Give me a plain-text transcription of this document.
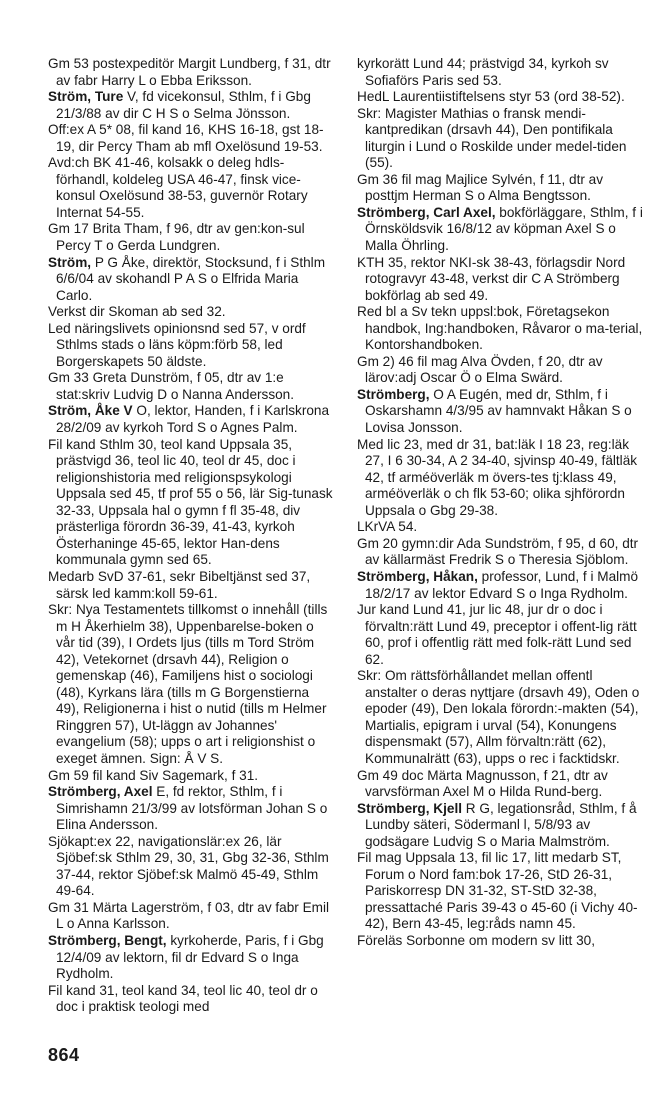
Gm 53 postexpeditör Margit Lundberg, f 31, dtr av fabr Harry L o Ebba Eriksson.

Ström, Ture V, fd vicekonsul, Sthlm, f i Gbg 21/3/88 av dir C H S o Selma Jönsson.

Off:ex A 5* 08, fil kand 16, KHS 16-18, gst 18-19, dir Percy Tham ab mfl Oxelösund 19-53.

Avd:ch BK 41-46, kolsakk o deleg hdls-förhandl, koldeleg USA 46-47, finsk vice-konsul Oxelösund 38-53, guvernör Rotary Internat 54-55.

Gm 17 Brita Tham, f 96, dtr av gen:kon-sul Percy T o Gerda Lundgren.

Ström, P G Åke, direktör, Stocksund, f i Sthlm 6/6/04 av skohandl P A S o Elfrida Maria Carlo.

Verkst dir Skoman ab sed 32.

Led näringslivets opinionsnd sed 57, v ordf Sthlms stads o läns köpm:förb 58, led Borgerskapets 50 äldste.

Gm 33 Greta Dunström, f 05, dtr av 1:e stat:skriv Ludvig D o Nanna Andersson.

Ström, Åke V O, lektor, Handen, f i Karlskrona 28/2/09 av kyrkoh Tord S o Agnes Palm.

Fil kand Sthlm 30, teol kand Uppsala 35, prästvigd 36, teol lic 40, teol dr 45, doc i religionshistoria med religionspsykologi Uppsala sed 45, tf prof 55 o 56, lär Sig-tunask 32-33, Uppsala hal o gymn f fl 35-48, div prästerliga förordn 36-39, 41-43, kyrkoh Österhaninge 45-65, lektor Han-dens kommunala gymn sed 65.

Medarb SvD 37-61, sekr Bibeltjänst sed 37, särsk led kamm:koll 59-61.

Skr: Nya Testamentets tillkomst o innehåll (tills m H Åkerhielm 38), Uppenbarelse-boken o vår tid (39), I Ordets ljus (tills m Tord Ström 42), Vetekornet (drsavh 44), Religion o gemenskap (46), Familjens hist o sociologi (48), Kyrkans lära (tills m G Borgenstierna 49), Religionerna i hist o nutid (tills m Helmer Ringgren 57), Ut-läggn av Johannes' evangelium (58); upps o art i religionshist o exeget ämnen. Sign: Å V S.

Gm 59 fil kand Siv Sagemark, f 31.

Strömberg, Axel E, fd rektor, Sthlm, f i Simrishamn 21/3/99 av lotsförman Johan S o Elina Andersson.

Sjökapt:ex 22, navigationslär:ex 26, lär Sjöbef:sk Sthlm 29, 30, 31, Gbg 32-36, Sthlm 37-44, rektor Sjöbef:sk Malmö 45-49, Sthlm 49-64.

Gm 31 Märta Lagerström, f 03, dtr av fabr Emil L o Anna Karlsson.

Strömberg, Bengt, kyrkoherde, Paris, f i Gbg 12/4/09 av lektorn, fil dr Edvard S o Inga Rydholm.

Fil kand 31, teol kand 34, teol lic 40, teol dr o doc i praktisk teologi med

kyrkorätt Lund 44; prästvigd 34, kyrkoh sv Sofiaförs Paris sed 53.

HedL Laurentiistiftelsens styr 53 (ord 38-52).

Skr: Magister Mathias o fransk mendi-kantpredikan (drsavh 44), Den pontifikala liturgin i Lund o Roskilde under medel-tiden (55).

Gm 36 fil mag Majlice Sylvén, f 11, dtr av posttjm Herman S o Alma Bengtsson.

Strömberg, Carl Axel, bokförläggare, Sthlm, f i Örnsköldsvik 16/8/12 av köpman Axel S o Malla Öhrling.

KTH 35, rektor NKI-sk 38-43, förlagsdir Nord rotogravyr 43-48, verkst dir C A Strömberg bokförlag ab sed 49.

Red bl a Sv tekn uppsl:bok, Företagsekon handbok, Ing:handboken, Råvaror o ma-terial, Kontorshandboken.

Gm 2) 46 fil mag Alva Övden, f 20, dtr av lärov:adj Oscar Ö o Elma Swärd.

Strömberg, O A Eugén, med dr, Sthlm, f i Oskarshamn 4/3/95 av hamnvakt Håkan S o Lovisa Jonsson.

Med lic 23, med dr 31, bat:läk I 18 23, reg:läk 27, I 6 30-34, A 2 34-40, sjvinsp 40-49, fältläk 42, tf arméöverläk m övers-tes tj:klass 49, arméöverläk o ch flk 53-60; olika sjhförordn Uppsala o Gbg 29-38.

LKrVA 54.

Gm 20 gymn:dir Ada Sundström, f 95, d 60, dtr av källarmäst Fredrik S o Theresia Sjöblom.

Strömberg, Håkan, professor, Lund, f i Malmö 18/2/17 av lektor Edvard S o Inga Rydholm.

Jur kand Lund 41, jur lic 48, jur dr o doc i förvaltn:rätt Lund 49, preceptor i offent-lig rätt 60, prof i offentlig rätt med folk-rätt Lund sed 62.

Skr: Om rättsförhållandet mellan offentl anstalter o deras nyttjare (drsavh 49), Oden o epoder (49), Den lokala förordn:-makten (54), Martialis, epigram i urval (54), Konungens dispensmakt (57), Allm förvaltn:rätt (62), Kommunalrätt (63), upps o rec i facktidskr.

Gm 49 doc Märta Magnusson, f 21, dtr av varvsförman Axel M o Hilda Rund-berg.

Strömberg, Kjell R G, legationsråd, Sthlm, f å Lundby säteri, Södermanl l, 5/8/93 av godsägare Ludvig S o Maria Malmström.

Fil mag Uppsala 13, fil lic 17, litt medarb ST, Forum o Nord fam:bok 17-26, StD 26-31, Pariskorresp DN 31-32, ST-StD 32-38, pressattaché Paris 39-43 o 45-60 (i Vichy 40-42), Bern 43-45, leg:råds namn 45.

Föreläs Sorbonne om modern sv litt 30,

864
